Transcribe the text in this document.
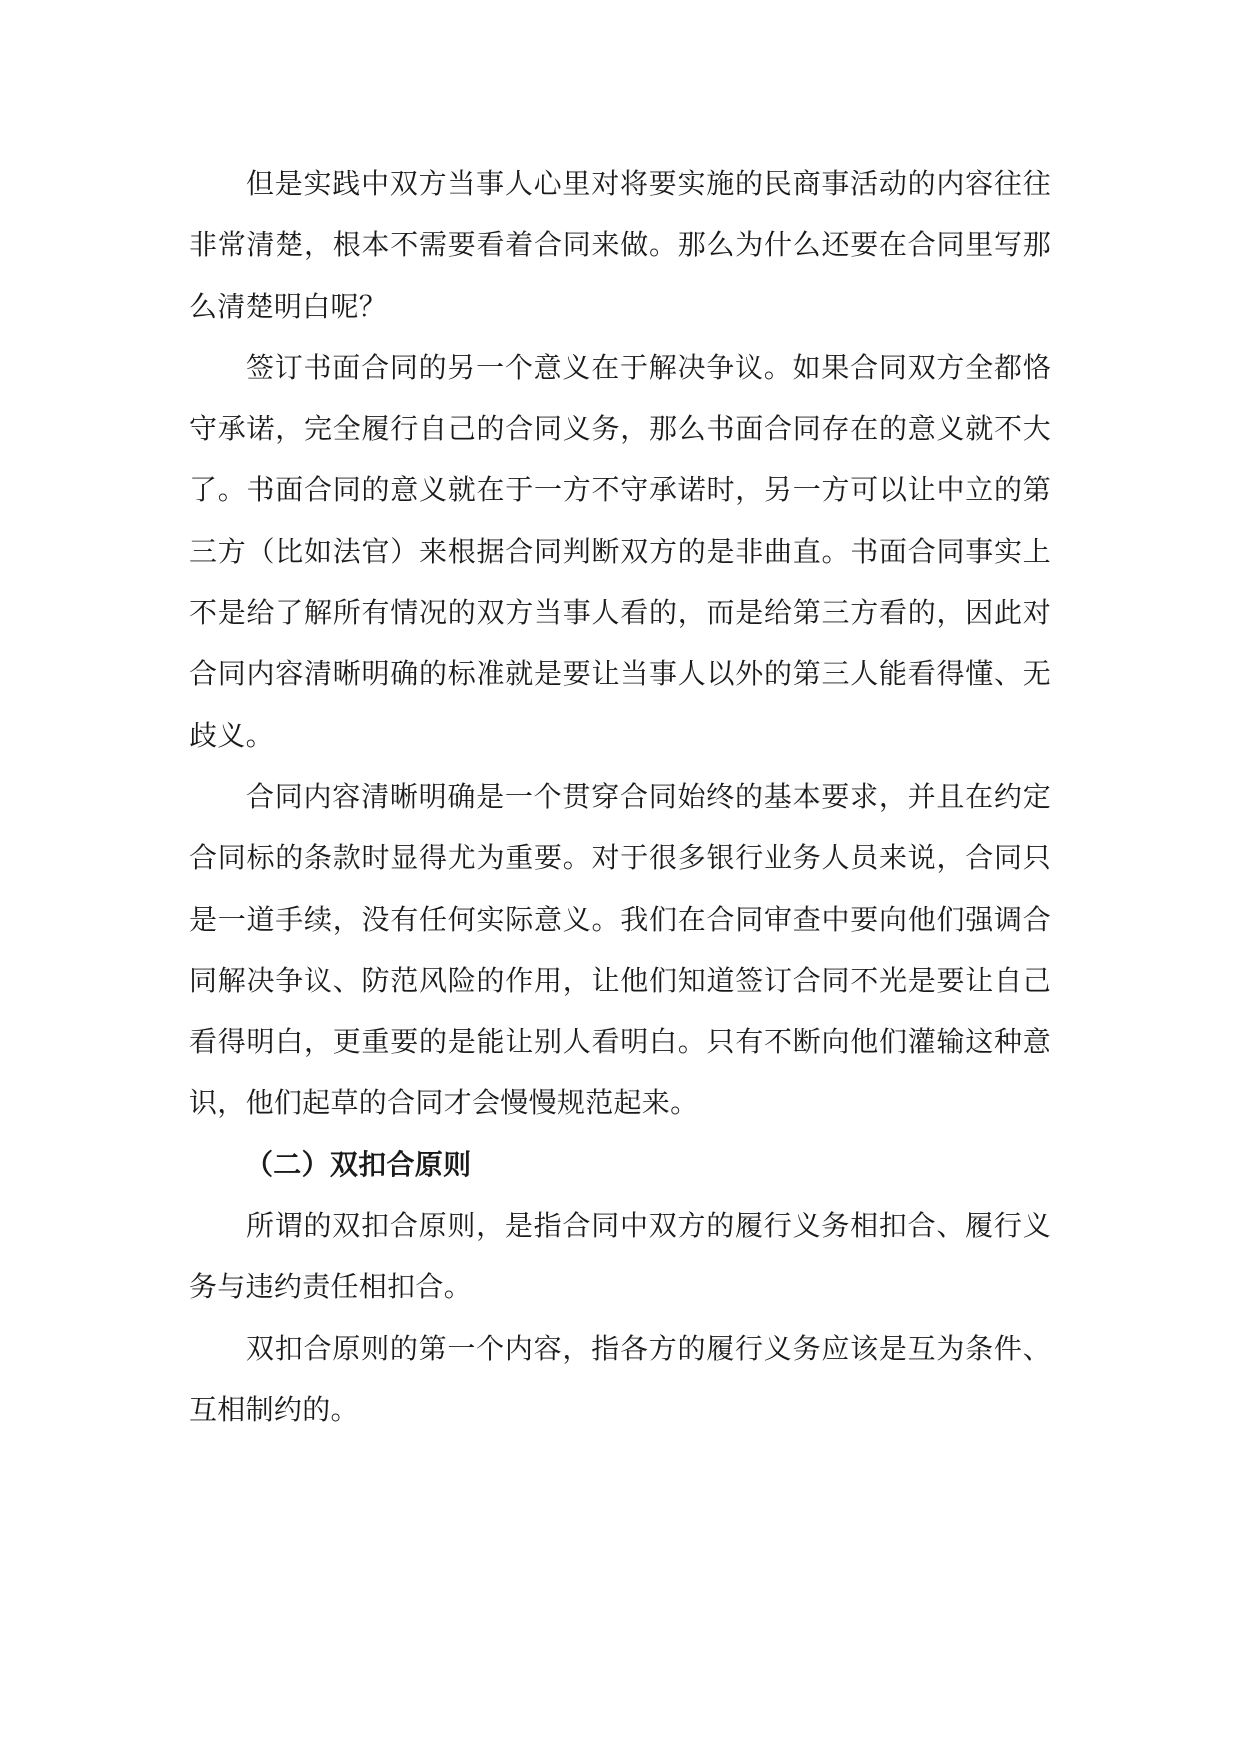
但是实践中双方当事人心里对将要实施的民商事活动的内容往往非常清楚，根本不需要看着合同来做。那么为什么还要在合同里写那么清楚明白呢？

签订书面合同的另一个意义在于解决争议。如果合同双方全都恪守承诺，完全履行自己的合同义务，那么书面合同存在的意义就不大了。书面合同的意义就在于一方不守承诺时，另一方可以让中立的第三方（比如法官）来根据合同判断双方的是非曲直。书面合同事实上不是给了解所有情况的双方当事人看的，而是给第三方看的，因此对合同内容清晰明确的标准就是要让当事人以外的第三人能看得懂、无歧义。

合同内容清晰明确是一个贯穿合同始终的基本要求，并且在约定合同标的条款时显得尤为重要。对于很多银行业务人员来说，合同只是一道手续，没有任何实际意义。我们在合同审查中要向他们强调合同解决争议、防范风险的作用，让他们知道签订合同不光是要让自己看得明白，更重要的是能让别人看明白。只有不断向他们灌输这种意识，他们起草的合同才会慢慢规范起来。

（二）双扣合原则

所谓的双扣合原则，是指合同中双方的履行义务相扣合、履行义务与违约责任相扣合。

双扣合原则的第一个内容，指各方的履行义务应该是互为条件、互相制约的。
